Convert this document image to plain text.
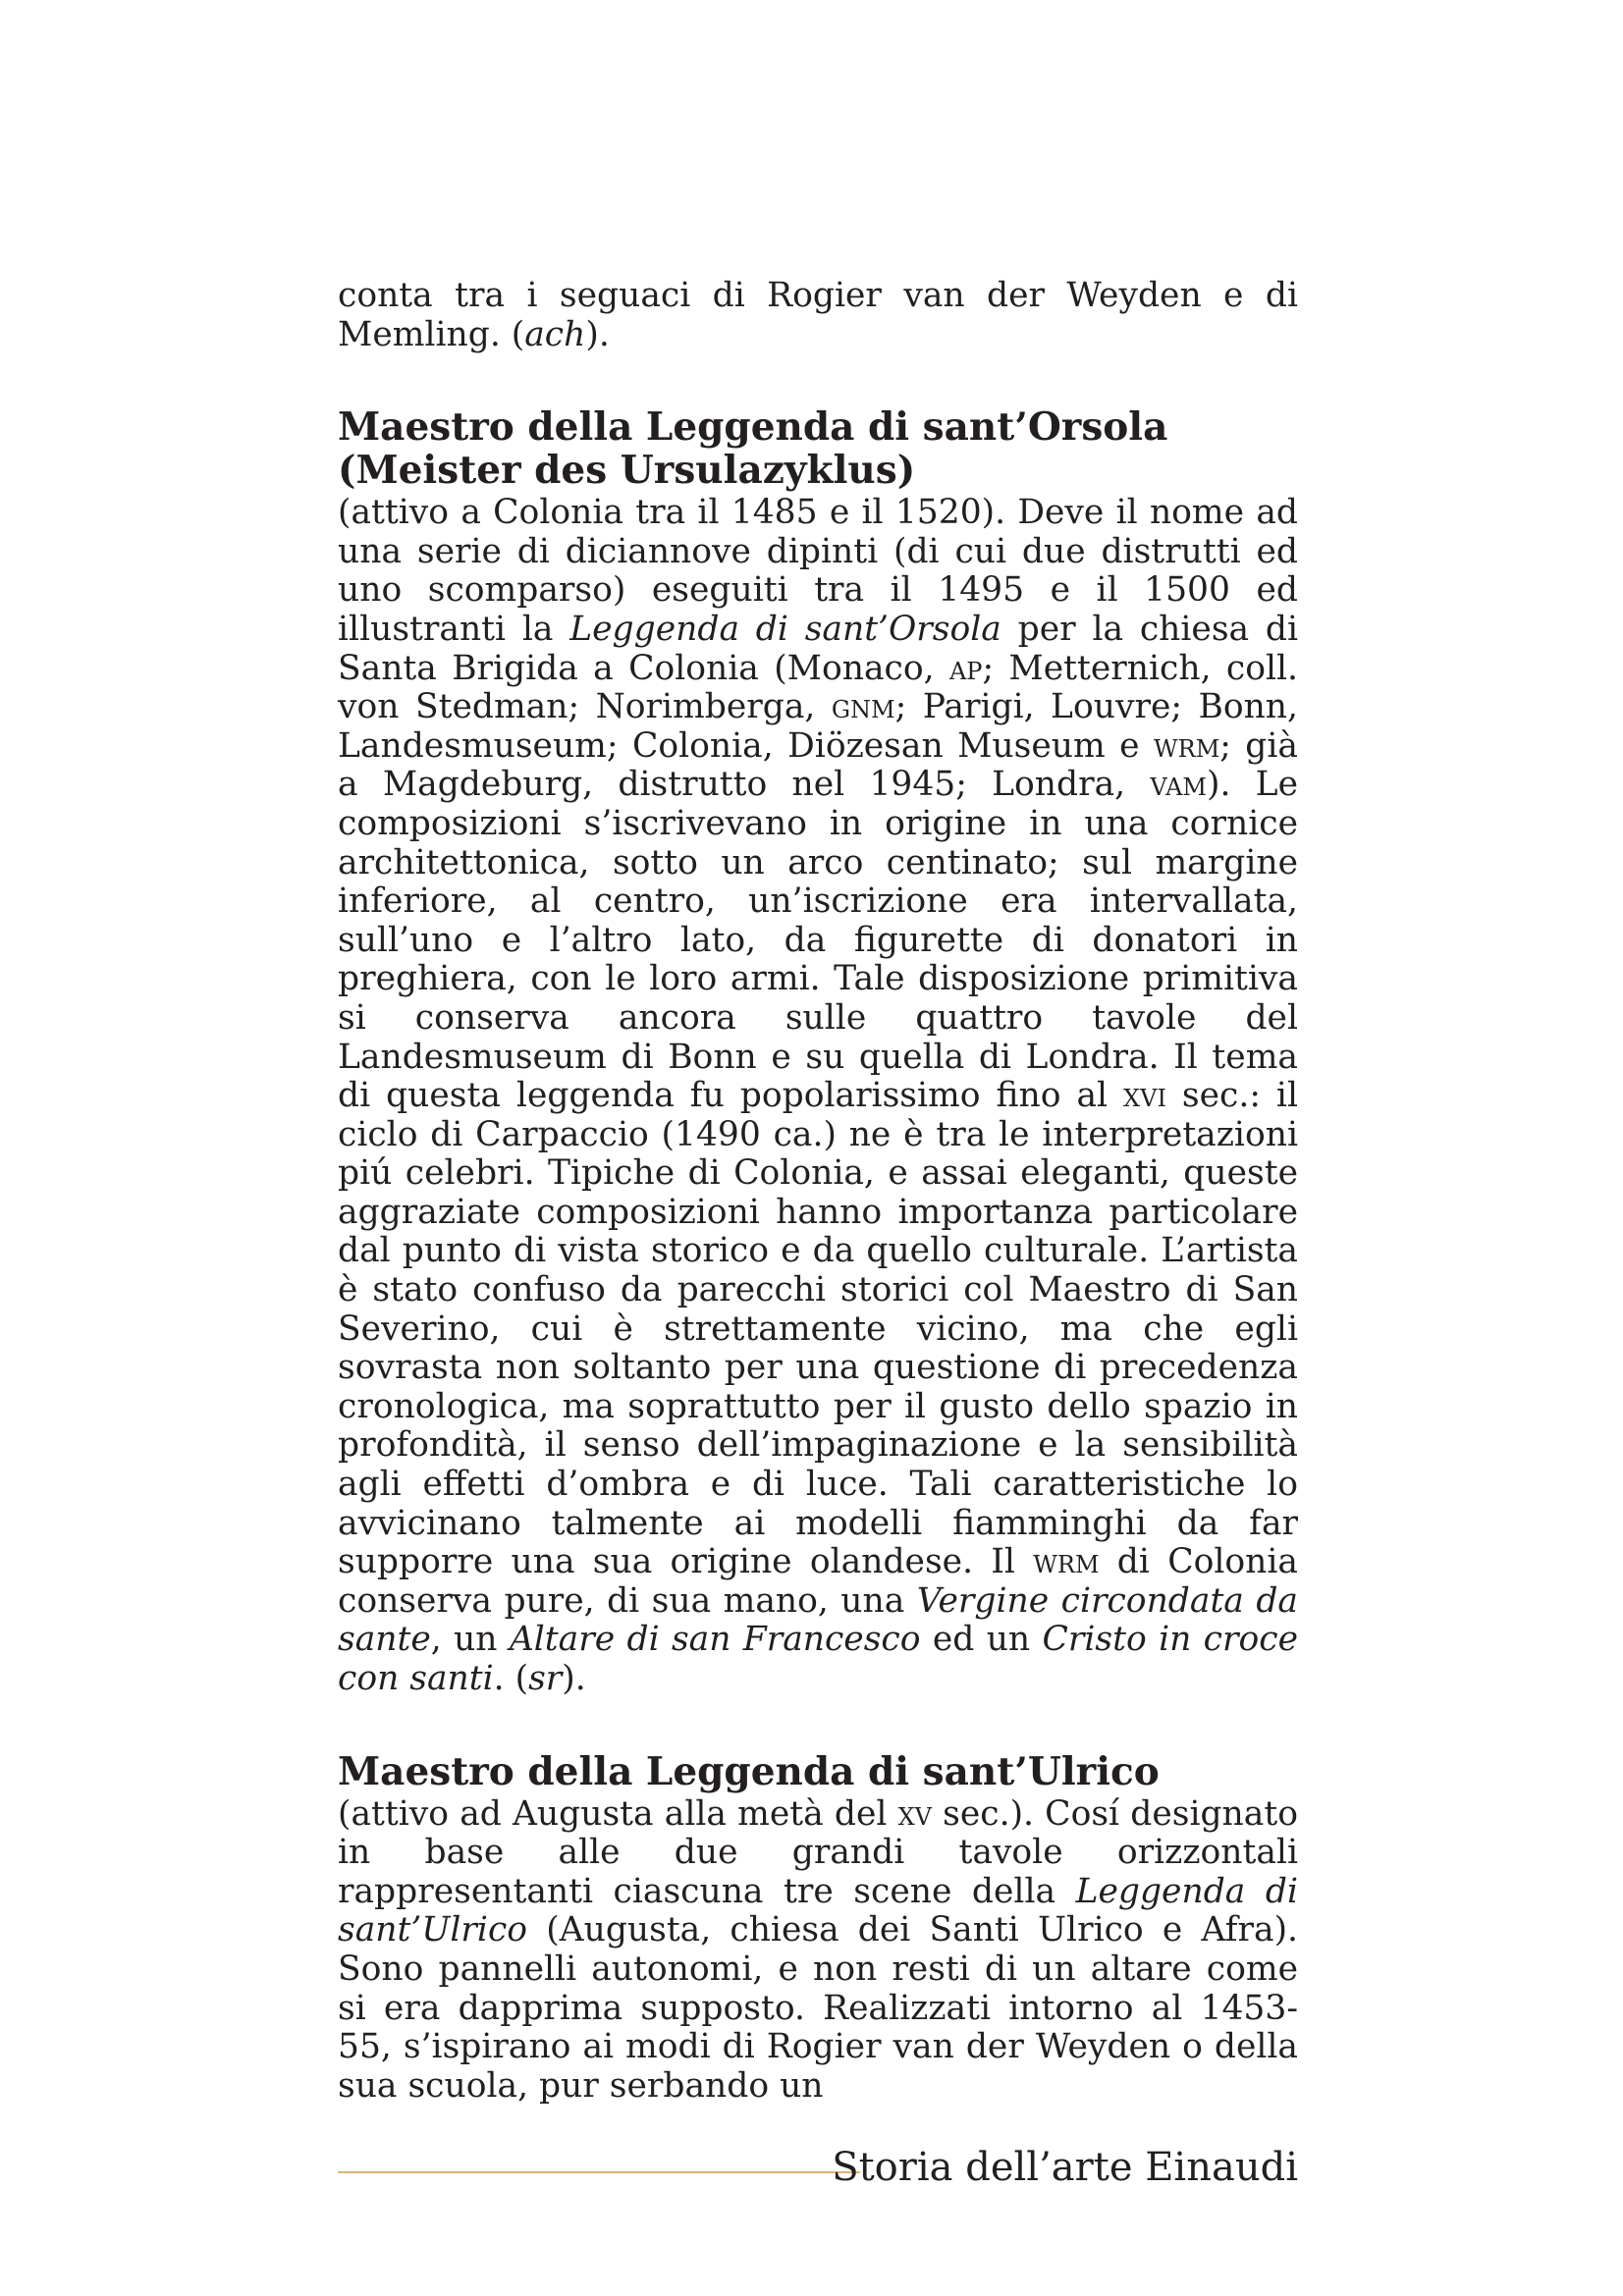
conta tra i seguaci di Rogier van der Weyden e di Memling. (ach).

Maestro della Leggenda di sant’Orsola (Meister des Ursulazyklus)

(attivo a Colonia tra il 1485 e il 1520). Deve il nome ad una serie di diciannove dipinti (di cui due distrutti ed uno scomparso) eseguiti tra il 1495 e il 1500 ed illustranti la Leggenda di sant’Orsola per la chiesa di Santa Brigida a Colonia (Monaco, ap; Metternich, coll. von Stedman; Norimberga, gnm; Parigi, Louvre; Bonn, Landesmuseum; Colonia, Diözesan Museum e wrm; già a Magdeburg, distrutto nel 1945; Londra, vam). Le composizioni s’iscrivevano in origine in una cornice architettonica, sotto un arco centinato; sul margine inferiore, al centro, un’iscrizione era intervallata, sull’uno e l’altro lato, da figurette di donatori in preghiera, con le loro armi. Tale disposizione primitiva si conserva ancora sulle quattro tavole del Landesmuseum di Bonn e su quella di Londra. Il tema di questa leggenda fu popolarissimo fino al xvi sec.: il ciclo di Carpaccio (1490 ca.) ne è tra le interpretazioni piú celebri. Tipiche di Colonia, e assai eleganti, queste aggraziate composizioni hanno importanza particolare dal punto di vista storico e da quello culturale. L’artista è stato confuso da parecchi storici col Maestro di San Severino, cui è strettamente vicino, ma che egli sovrasta non soltanto per una questione di precedenza cronologica, ma soprattutto per il gusto dello spazio in profondità, il senso dell’impaginazione e la sensibilità agli effetti d’ombra e di luce. Tali caratteristiche lo avvicinano talmente ai modelli fiamminghi da far supporre una sua origine olandese. Il wrm di Colonia conserva pure, di sua mano, una Vergine circondata da sante, un Altare di san Francesco ed un Cristo in croce con santi. (sr).

Maestro della Leggenda di sant’Ulrico

(attivo ad Augusta alla metà del xv sec.). Cosí designato in base alle due grandi tavole orizzontali rappresentanti ciascuna tre scene della Leggenda di sant’Ulrico (Augusta, chiesa dei Santi Ulrico e Afra). Sono pannelli autonomi, e non resti di un altare come si era dapprima supposto. Realizzati intorno al 1453-55, s’ispirano ai modi di Rogier van der Weyden o della sua scuola, pur serbando un

Storia dell’arte Einaudi
